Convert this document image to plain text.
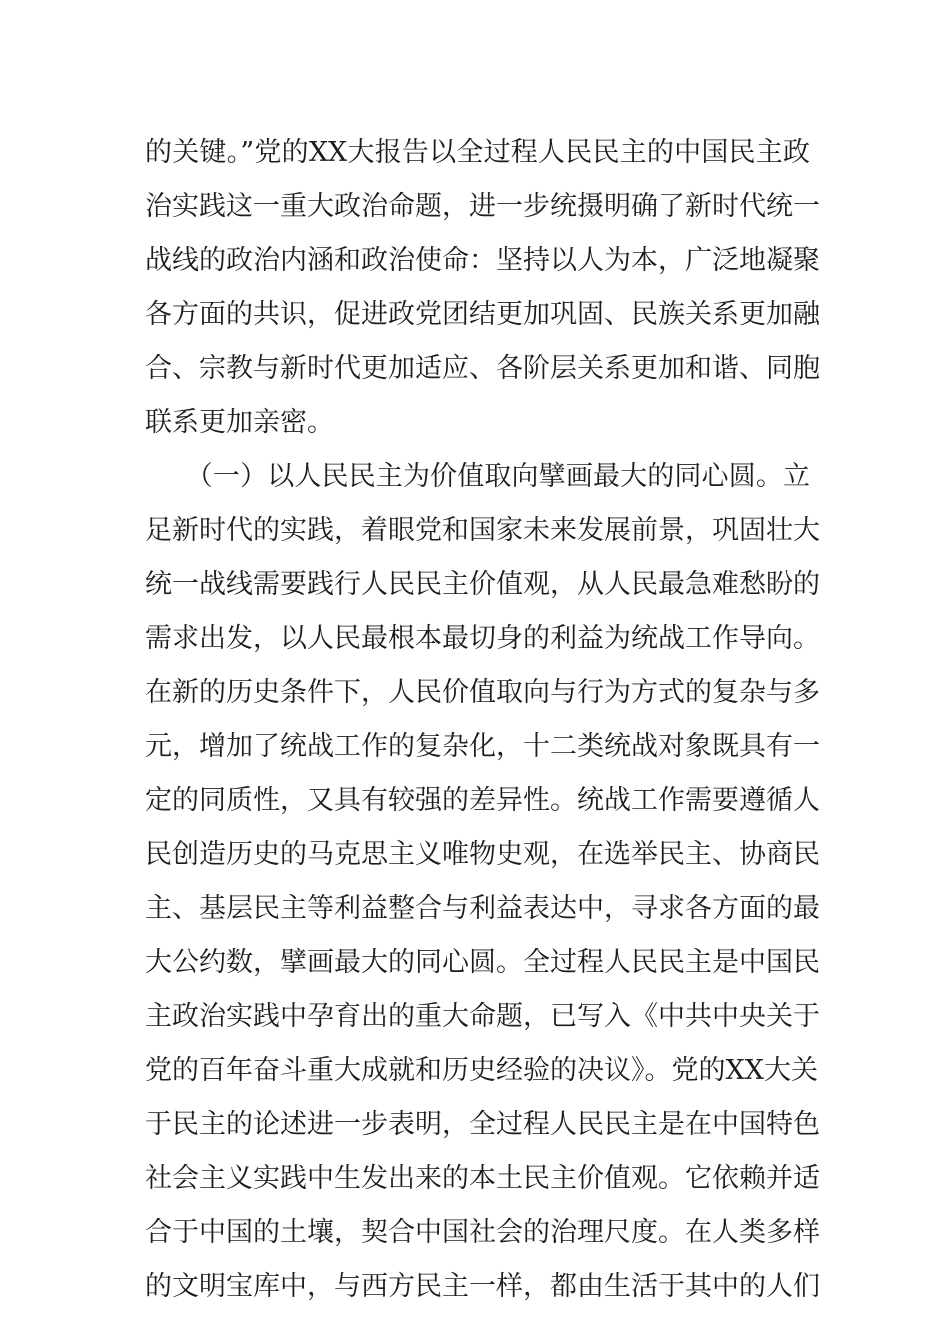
的关键。”党的XX大报告以全过程人民民主的中国民主政
治实践这一重大政治命题，进一步统摄明确了新时代统一
战线的政治内涵和政治使命：坚持以人为本，广泛地凝聚
各方面的共识，促进政党团结更加巩固、民族关系更加融
合、宗教与新时代更加适应、各阶层关系更加和谐、同胞
联系更加亲密。
　　（一）以人民民主为价值取向擘画最大的同心圆。立
足新时代的实践，着眼党和国家未来发展前景，巩固壮大
统一战线需要践行人民民主价值观，从人民最急难愁盼的
需求出发，以人民最根本最切身的利益为统战工作导向。
在新的历史条件下，人民价值取向与行为方式的复杂与多
元，增加了统战工作的复杂化，十二类统战对象既具有一
定的同质性，又具有较强的差异性。统战工作需要遵循人
民创造历史的马克思主义唯物史观，在选举民主、协商民
主、基层民主等利益整合与利益表达中，寻求各方面的最
大公约数，擘画最大的同心圆。全过程人民民主是中国民
主政治实践中孕育出的重大命题，已写入《中共中央关于
党的百年奋斗重大成就和历史经验的决议》。党的XX大关
于民主的论述进一步表明，全过程人民民主是在中国特色
社会主义实践中生发出来的本土民主价值观。它依赖并适
合于中国的土壤，契合中国社会的治理尺度。在人类多样
的文明宝库中，与西方民主一样，都由生活于其中的人们
